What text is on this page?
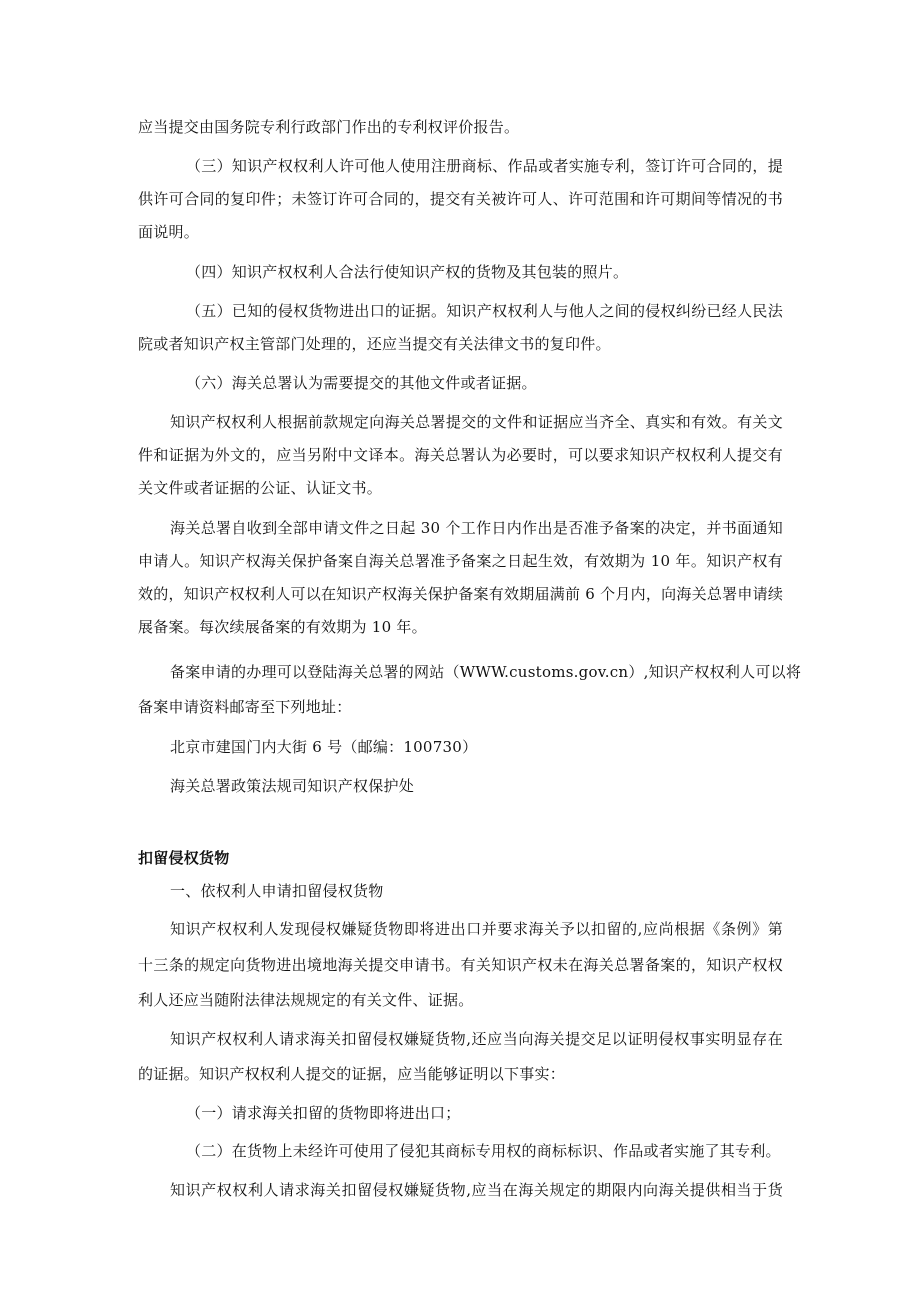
应当提交由国务院专利行政部门作出的专利权评价报告。

（三）知识产权权利人许可他人使用注册商标、作品或者实施专利，签订许可合同的，提

供许可合同的复印件；未签订许可合同的，提交有关被许可人、许可范围和许可期间等情况的书

面说明。

（四）知识产权权利人合法行使知识产权的货物及其包装的照片。

（五）已知的侵权货物进出口的证据。知识产权权利人与他人之间的侵权纠纷已经人民法

院或者知识产权主管部门处理的，还应当提交有关法律文书的复印件。

（六）海关总署认为需要提交的其他文件或者证据。

知识产权权利人根据前款规定向海关总署提交的文件和证据应当齐全、真实和有效。有关文

件和证据为外文的，应当另附中文译本。海关总署认为必要时，可以要求知识产权权利人提交有

关文件或者证据的公证、认证文书。

海关总署自收到全部申请文件之日起 30 个工作日内作出是否准予备案的决定，并书面通知

申请人。知识产权海关保护备案自海关总署准予备案之日起生效，有效期为 10 年。知识产权有

效的，知识产权权利人可以在知识产权海关保护备案有效期届满前 6 个月内，向海关总署申请续

展备案。每次续展备案的有效期为 10 年。

备案申请的办理可以登陆海关总署的网站（WWW.customs.gov.cn）,知识产权权利人可以将

备案申请资料邮寄至下列地址：

北京市建国门内大街 6 号（邮编：100730）

海关总署政策法规司知识产权保护处

扣留侵权货物

一、依权利人申请扣留侵权货物

知识产权权利人发现侵权嫌疑货物即将进出口并要求海关予以扣留的,应尚根据《条例》第

十三条的规定向货物进出境地海关提交申请书。有关知识产权未在海关总署备案的，知识产权权

利人还应当随附法律法规规定的有关文件、证据。

知识产权权利人请求海关扣留侵权嫌疑货物,还应当向海关提交足以证明侵权事实明显存在

的证据。知识产权权利人提交的证据，应当能够证明以下事实：

（一）请求海关扣留的货物即将进出口；

（二）在货物上未经许可使用了侵犯其商标专用权的商标标识、作品或者实施了其专利。

知识产权权利人请求海关扣留侵权嫌疑货物,应当在海关规定的期限内向海关提供相当于货
